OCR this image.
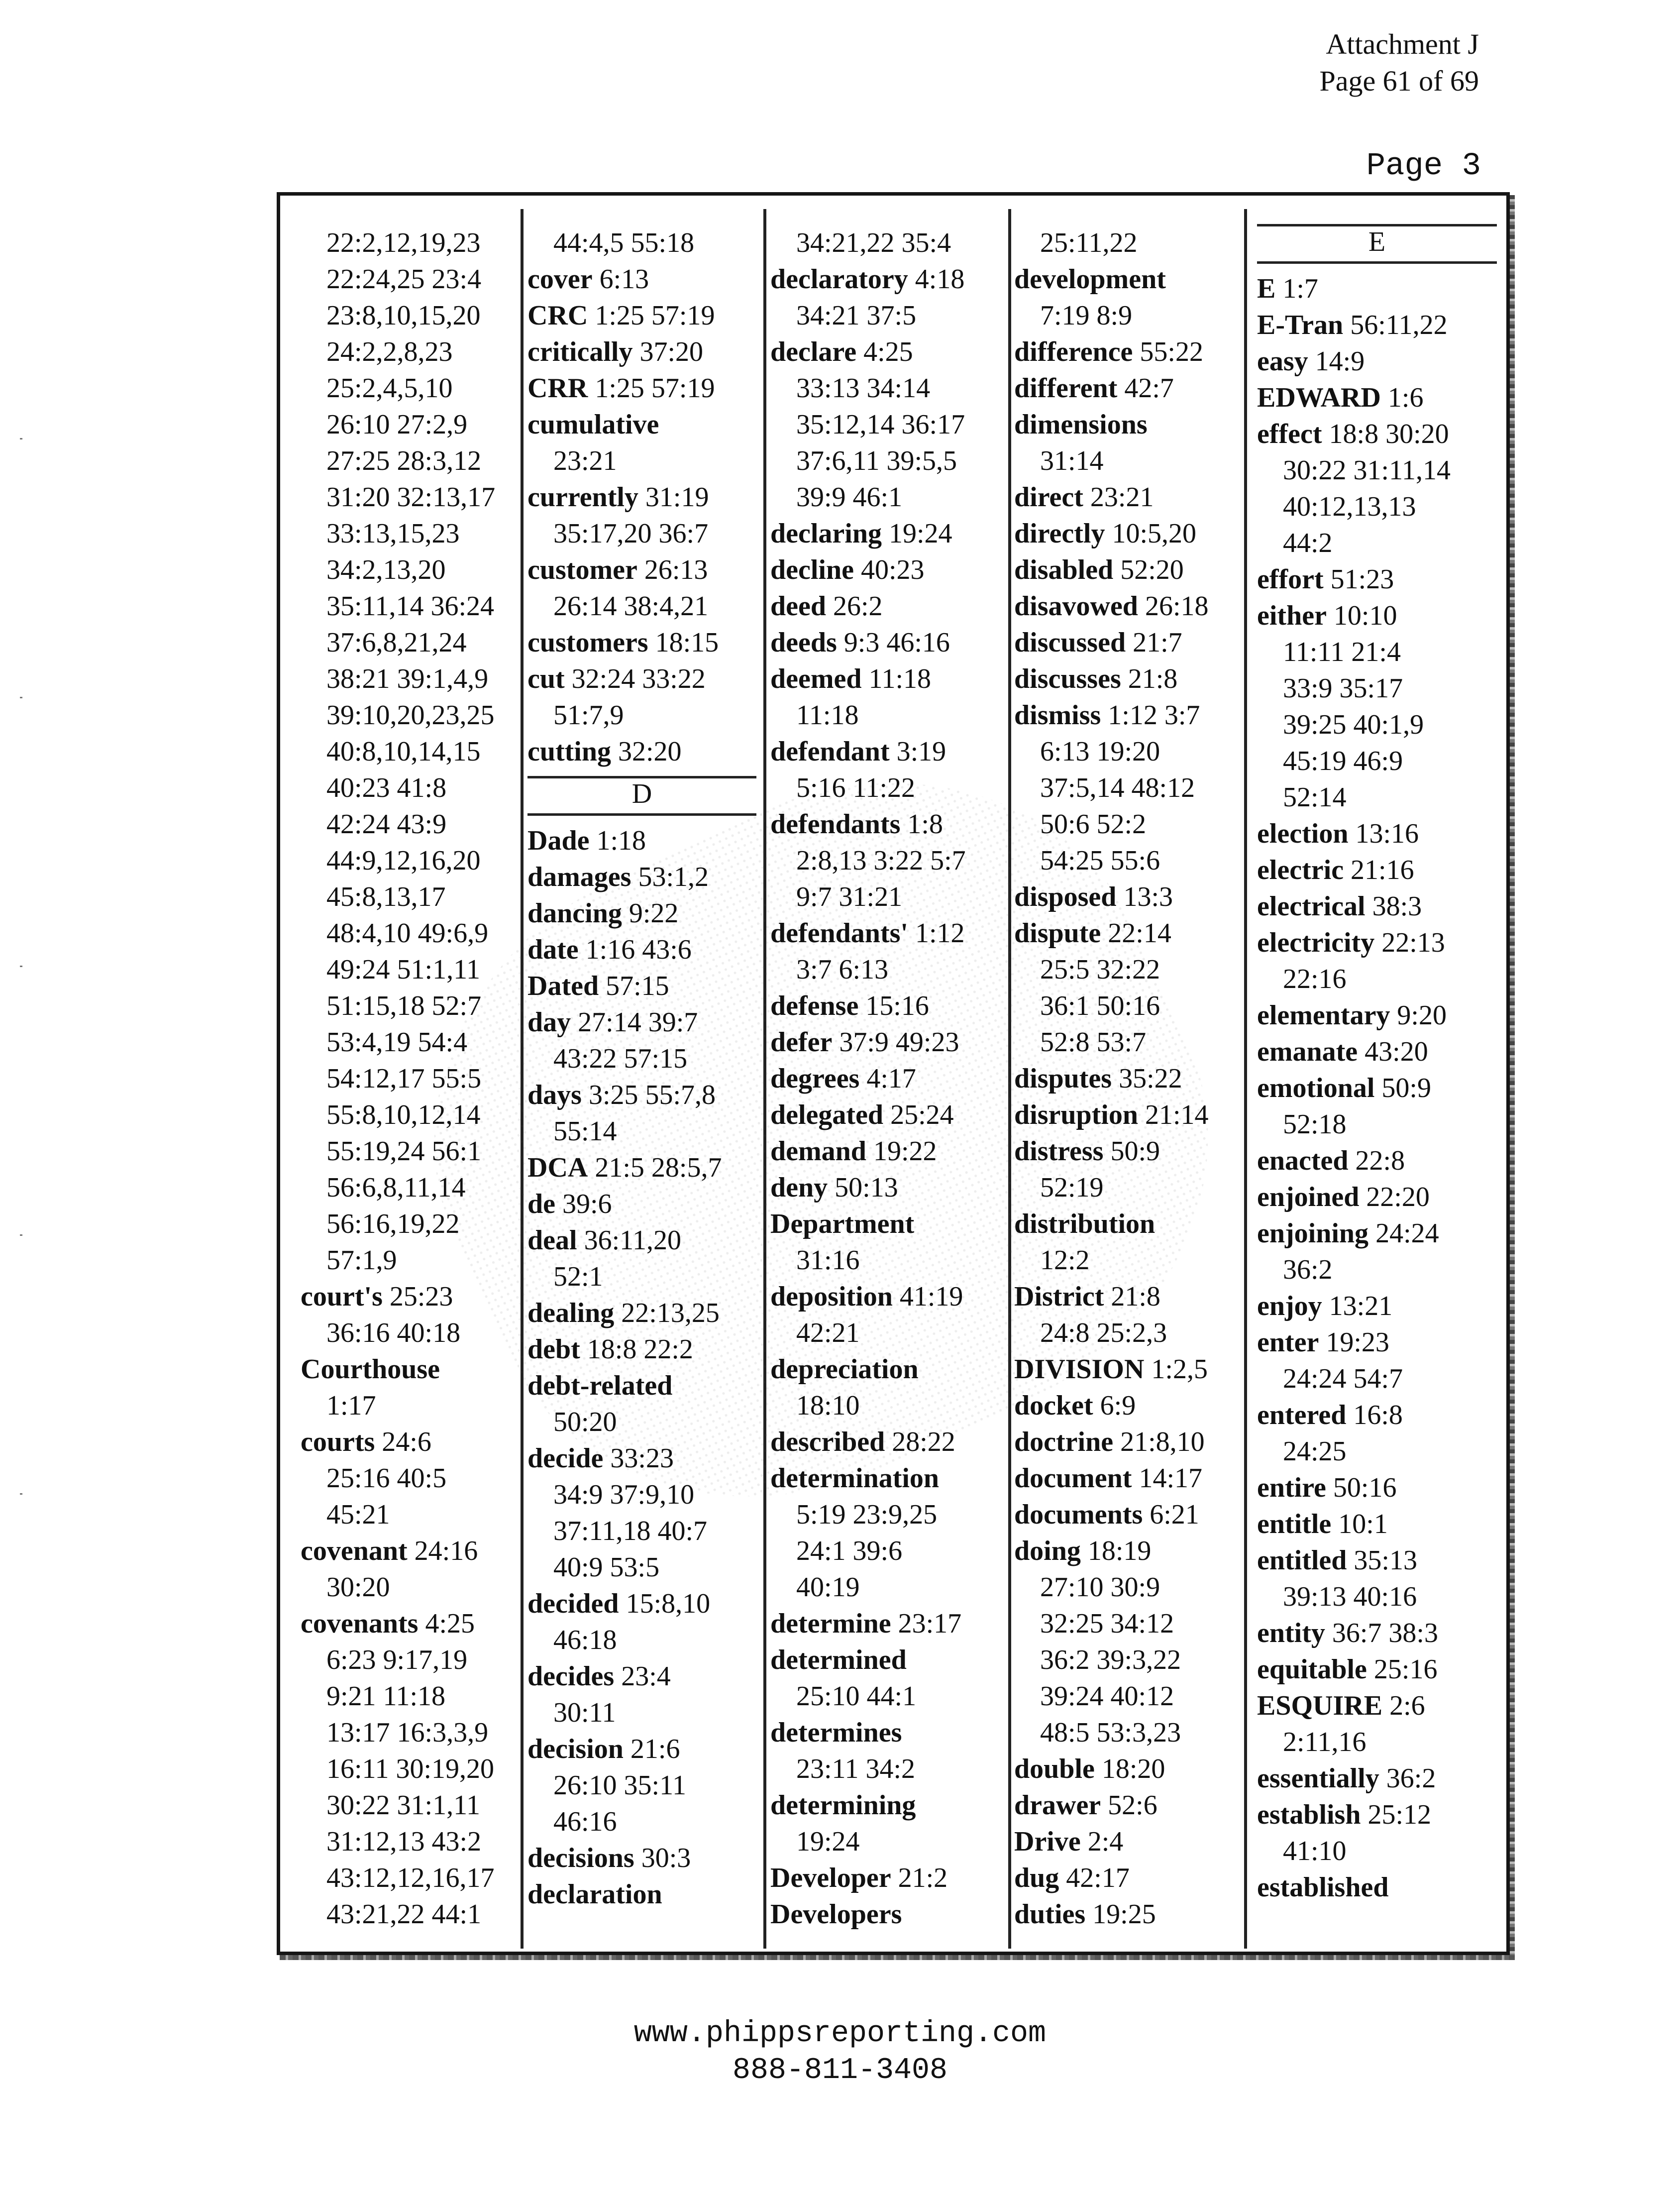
Attachment J
Page 61 of 69
Page 3
22:2,12,19,23
22:24,25 23:4
23:8,10,15,20
24:2,2,8,23
25:2,4,5,10
26:10 27:2,9
27:25 28:3,12
31:20 32:13,17
33:13,15,23
34:2,13,20
35:11,14 36:24
37:6,8,21,24
38:21 39:1,4,9
39:10,20,23,25
40:8,10,14,15
40:23 41:8
42:24 43:9
44:9,12,16,20
45:8,13,17
48:4,10 49:6,9
49:24 51:1,11
51:15,18 52:7
53:4,19 54:4
54:12,17 55:5
55:8,10,12,14
55:19,24 56:1
56:6,8,11,14
56:16,19,22
57:1,9
court's 25:23
36:16 40:18
Courthouse
1:17
courts 24:6
25:16 40:5
45:21
covenant 24:16
30:20
covenants 4:25
6:23 9:17,19
9:21 11:18
13:17 16:3,3,9
16:11 30:19,20
30:22 31:1,11
31:12,13 43:2
43:12,12,16,17
43:21,22 44:1
44:4,5 55:18
cover 6:13
CRC 1:25 57:19
critically 37:20
CRR 1:25 57:19
cumulative
23:21
currently 31:19
35:17,20 36:7
customer 26:13
26:14 38:4,21
customers 18:15
cut 32:24 33:22
51:7,9
cutting 32:20
D
Dade 1:18
damages 53:1,2
dancing 9:22
date 1:16 43:6
Dated 57:15
day 27:14 39:7
43:22 57:15
days 3:25 55:7,8
55:14
DCA 21:5 28:5,7
de 39:6
deal 36:11,20
52:1
dealing 22:13,25
debt 18:8 22:2
debt-related
50:20
decide 33:23
34:9 37:9,10
37:11,18 40:7
40:9 53:5
decided 15:8,10
46:18
decides 23:4
30:11
decision 21:6
26:10 35:11
46:16
decisions 30:3
declaration
34:21,22 35:4
declaratory 4:18
34:21 37:5
declare 4:25
33:13 34:14
35:12,14 36:17
37:6,11 39:5,5
39:9 46:1
declaring 19:24
decline 40:23
deed 26:2
deeds 9:3 46:16
deemed 11:18
11:18
defendant 3:19
5:16 11:22
defendants 1:8
2:8,13 3:22 5:7
9:7 31:21
defendants' 1:12
3:7 6:13
defense 15:16
defer 37:9 49:23
degrees 4:17
delegated 25:24
demand 19:22
deny 50:13
Department
31:16
deposition 41:19
42:21
depreciation
18:10
described 28:22
determination
5:19 23:9,25
24:1 39:6
40:19
determine 23:17
determined
25:10 44:1
determines
23:11 34:2
determining
19:24
Developer 21:2
Developers
25:11,22
development
7:19 8:9
difference 55:22
different 42:7
dimensions
31:14
direct 23:21
directly 10:5,20
disabled 52:20
disavowed 26:18
discussed 21:7
discusses 21:8
dismiss 1:12 3:7
6:13 19:20
37:5,14 48:12
50:6 52:2
54:25 55:6
disposed 13:3
dispute 22:14
25:5 32:22
36:1 50:16
52:8 53:7
disputes 35:22
disruption 21:14
distress 50:9
52:19
distribution
12:2
District 21:8
24:8 25:2,3
DIVISION 1:2,5
docket 6:9
doctrine 21:8,10
document 14:17
documents 6:21
doing 18:19
27:10 30:9
32:25 34:12
36:2 39:3,22
39:24 40:12
48:5 53:3,23
double 18:20
drawer 52:6
Drive 2:4
dug 42:17
duties 19:25
E
E 1:7
E-Tran 56:11,22
easy 14:9
EDWARD 1:6
effect 18:8 30:20
30:22 31:11,14
40:12,13,13
44:2
effort 51:23
either 10:10
11:11 21:4
33:9 35:17
39:25 40:1,9
45:19 46:9
52:14
election 13:16
electric 21:16
electrical 38:3
electricity 22:13
22:16
elementary 9:20
emanate 43:20
emotional 50:9
52:18
enacted 22:8
enjoined 22:20
enjoining 24:24
36:2
enjoy 13:21
enter 19:23
24:24 54:7
entered 16:8
24:25
entire 50:16
entitle 10:1
entitled 35:13
39:13 40:16
entity 36:7 38:3
equitable 25:16
ESQUIRE 2:6
2:11,16
essentially 36:2
establish 25:12
41:10
established
www.phippsreporting.com
888-811-3408
